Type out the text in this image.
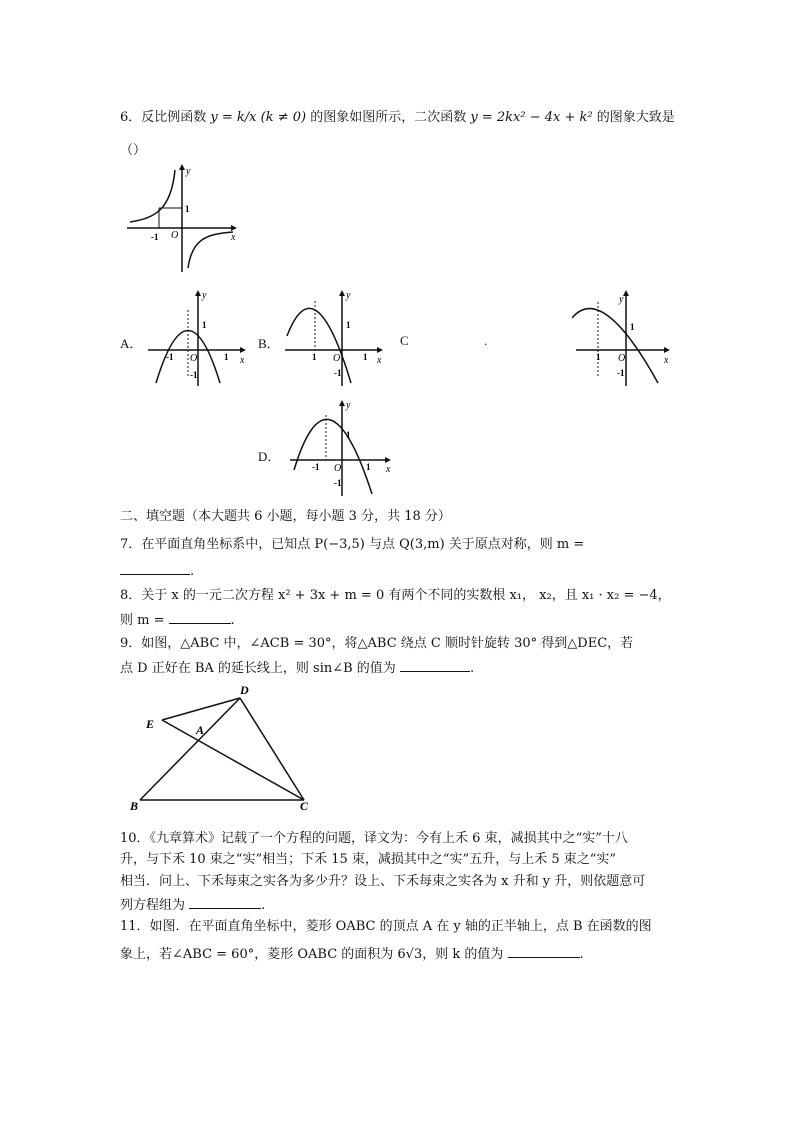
6．反比例函数 y = k/x (k ≠ 0) 的图象如图所示，二次函数 y = 2kx² − 4x + k² 的图象大致是
（）
y
x
1
-1 O
A．
y
x
1
-1	1
O
-1
B．
y
x
1
1	1
O
-1
C	.
y
x
1
1 O
-1
D．
y
x
1
-1	1
O
-1
二、填空题（本大题共 6 小题，每小题 3 分，共 18 分）
7．在平面直角坐标系中，已知点 P(−3,5) 与点 Q(3,m) 关于原点对称，则 m =
.
8．关于 x 的一元二次方程 x² + 3x + m = 0 有两个不同的实数根 x₁， x₂，且 x₁ · x₂ = −4，
则 m =	.
9．如图，△ABC 中，∠ACB = 30°，将△ABC 绕点 C 顺时针旋转 30° 得到△DEC，若
点 D 正好在 BA 的延长线上，则 sin∠B 的值为	.
D
E	A
B	C
10．《九章算术》记载了一个方程的问题，译文为：今有上禾 6 束，减损其中之“实”十八
升，与下禾 10 束之“实”相当；下禾 15 束，减损其中之“实”五升，与上禾 5 束之“实”
相当．问上、下禾每束之实各为多少升？设上、下禾每束之实各为 x 升和 y 升，则依题意可
列方程组为	.
11．如图．在平面直角坐标中，菱形 OABC 的顶点 A 在 y 轴的正半轴上，点 B 在函数的图
象上，若∠ABC = 60°，菱形 OABC 的面积为 6√3，则 k 的值为	.
